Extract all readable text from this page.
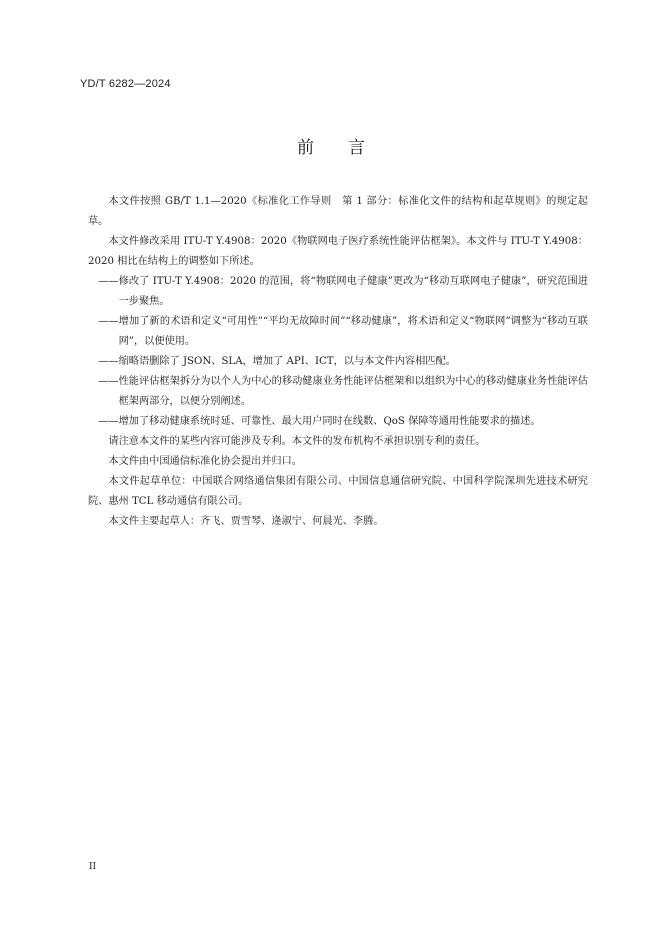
YD/T 6282—2024
前言

本文件按照 GB/T 1.1—2020《标准化工作导则　第 1 部分：标准化文件的结构和起草规则》的规定起草。

本文件修改采用 ITU-T Y.4908：2020《物联网电子医疗系统性能评估框架》。本文件与 ITU-T Y.4908：2020 相比在结构上的调整如下所述。

——修改了 ITU-T Y.4908：2020 的范围，将“物联网电子健康”更改为“移动互联网电子健康”，研究范围进一步聚焦。

——增加了新的术语和定义“可用性”“平均无故障时间”“移动健康”，将术语和定义“物联网”调整为“移动互联网”，以便使用。

——缩略语删除了 JSON、SLA，增加了 API、ICT，以与本文件内容相匹配。

——性能评估框架拆分为以个人为中心的移动健康业务性能评估框架和以组织为中心的移动健康业务性能评估框架两部分，以便分别阐述。

——增加了移动健康系统时延、可靠性、最大用户同时在线数、QoS 保障等通用性能要求的描述。

请注意本文件的某些内容可能涉及专利。本文件的发布机构不承担识别专利的责任。

本文件由中国通信标准化协会提出并归口。

本文件起草单位：中国联合网络通信集团有限公司、中国信息通信研究院、中国科学院深圳先进技术研究院、惠州 TCL 移动通信有限公司。

本文件主要起草人：齐飞、贾雪琴、逄淑宁、何晨光、李腾。

II
